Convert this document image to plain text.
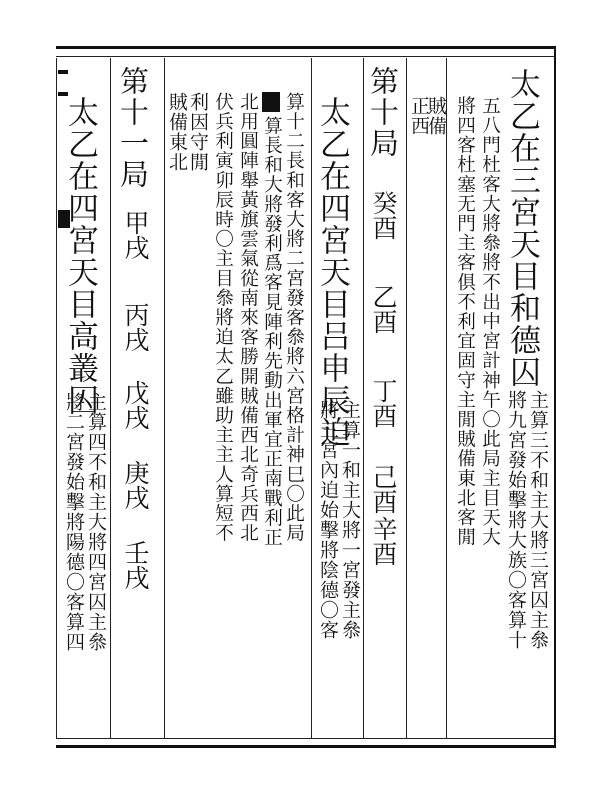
太乙在三宮天目和德囚
主算三不和主大將三宮囚主叅
將九宮發始擊將大族〇客算十
五八門杜客大將叅將不出中宮計神午〇此局主目天大
將四客杜塞无門主客俱不利宜固守主閒賊備東北客閒
賊備
正西
第十局
癸酉
乙酉
丁酉
己酉
辛酉
太乙在四宮天目吕申辰迫
主算一和主大將一宮發主叅
將三宮內迫始擊將陰德〇客
算十二長和客大將二宮發客叅將六宮格計神巳〇此局
算長和大將發利爲客見陣利先動出軍宜正南戰利正
北用圓陣舉黃旗雲氣從南來客勝開賊備西北奇兵西北
伏兵利寅卯辰時〇主目叅將迫太乙雖助主主人算短不
利因守閒
賊備東北
第十一局
甲戌
丙戌
戊戌
庚戌
壬戌
太乙在四宮天目高叢囚
主算四不和主大將四宮囚主叅
將二宮發始擊將陽德〇客算四
